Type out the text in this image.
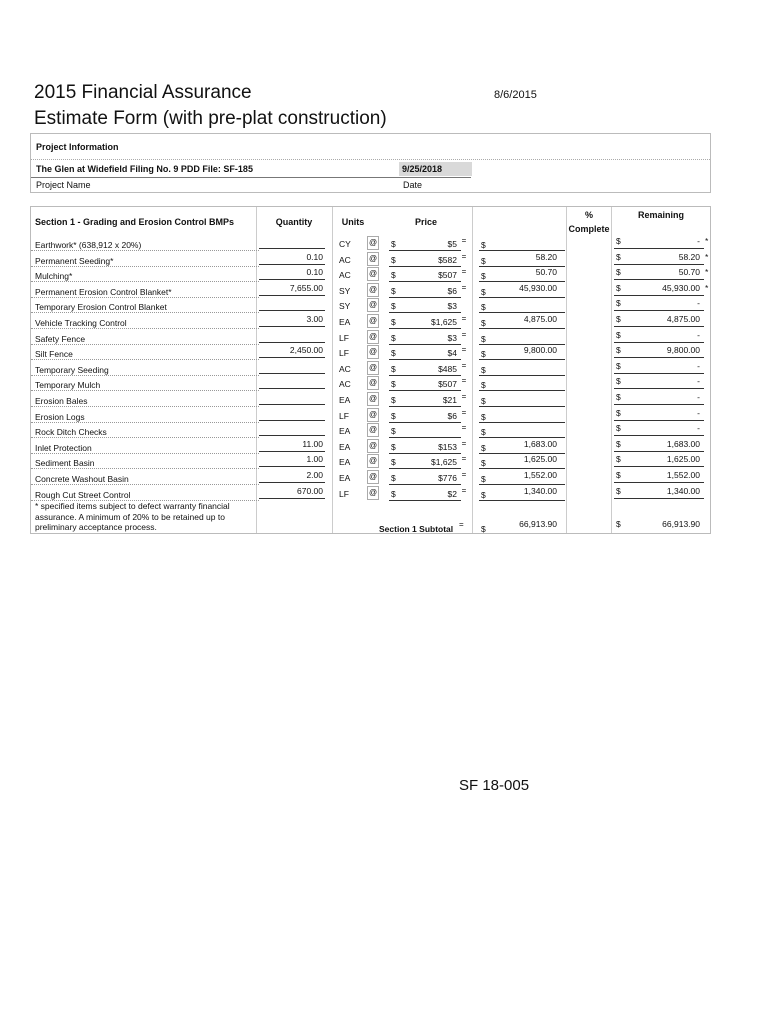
2015 Financial Assurance
Estimate Form (with pre-plat construction)
8/6/2015
Project Information
The Glen at Widefield Filing No. 9 PDD File: SF-185	9/25/2018
Project Name	Date
Section 1 - Grading and Erosion Control BMPs	Quantity	Units	Price
%
Complete
Remaining
Earthwork* (638,912 x 20%)	CY @ $	$5 =	$	$	- *
Permanent Seeding*	0.10 AC @ $	$582 =	$	58.20	$	58.20 *
Mulching*	0.10 AC @ $	$507 =	$	50.70	$	50.70 *
Permanent Erosion Control Blanket*	7,655.00 SY @ $	$6 =	$	45,930.00	$	45,930.00 *
Temporary Erosion Control Blanket	SY @ $	$3	$	$	-
Vehicle Tracking Control	3.00 EA @ $	$1,625 =	$	4,875.00	$	4,875.00
Safety Fence	LF	@ $	$3 =	$	$	-
Silt Fence	2,450.00 LF	@ $	$4 =	$	9,800.00	$	9,800.00
Temporary Seeding	AC @ $	$485 =	$	$	-
Temporary Mulch	AC @ $	$507 =	$	$	-
Erosion Bales	EA @ $	$21 =	$	$	-
Erosion Logs	LF	@ $	$6 =	$	$	-
Rock Ditch Checks	EA @ $	=	$	$	-
Inlet Protection	11.00 EA @ $	$153 =	$	1,683.00	$	1,683.00
Sediment Basin	1.00 EA @ $	$1,625 =	$	1,625.00	$	1,625.00
Concrete Washout Basin	2.00 EA @ $	$776 =	$	1,552.00	$	1,552.00
Rough Cut Street Control	670.00 LF	@ $	$2 =	$	1,340.00	$	1,340.00
* specified items subject to defect warranty financial assurance. A minimum of 20% to be retained up to preliminary acceptance process.	Section 1 Subtotal = $	66,913.90	$	66,913.90
SF 18-005
